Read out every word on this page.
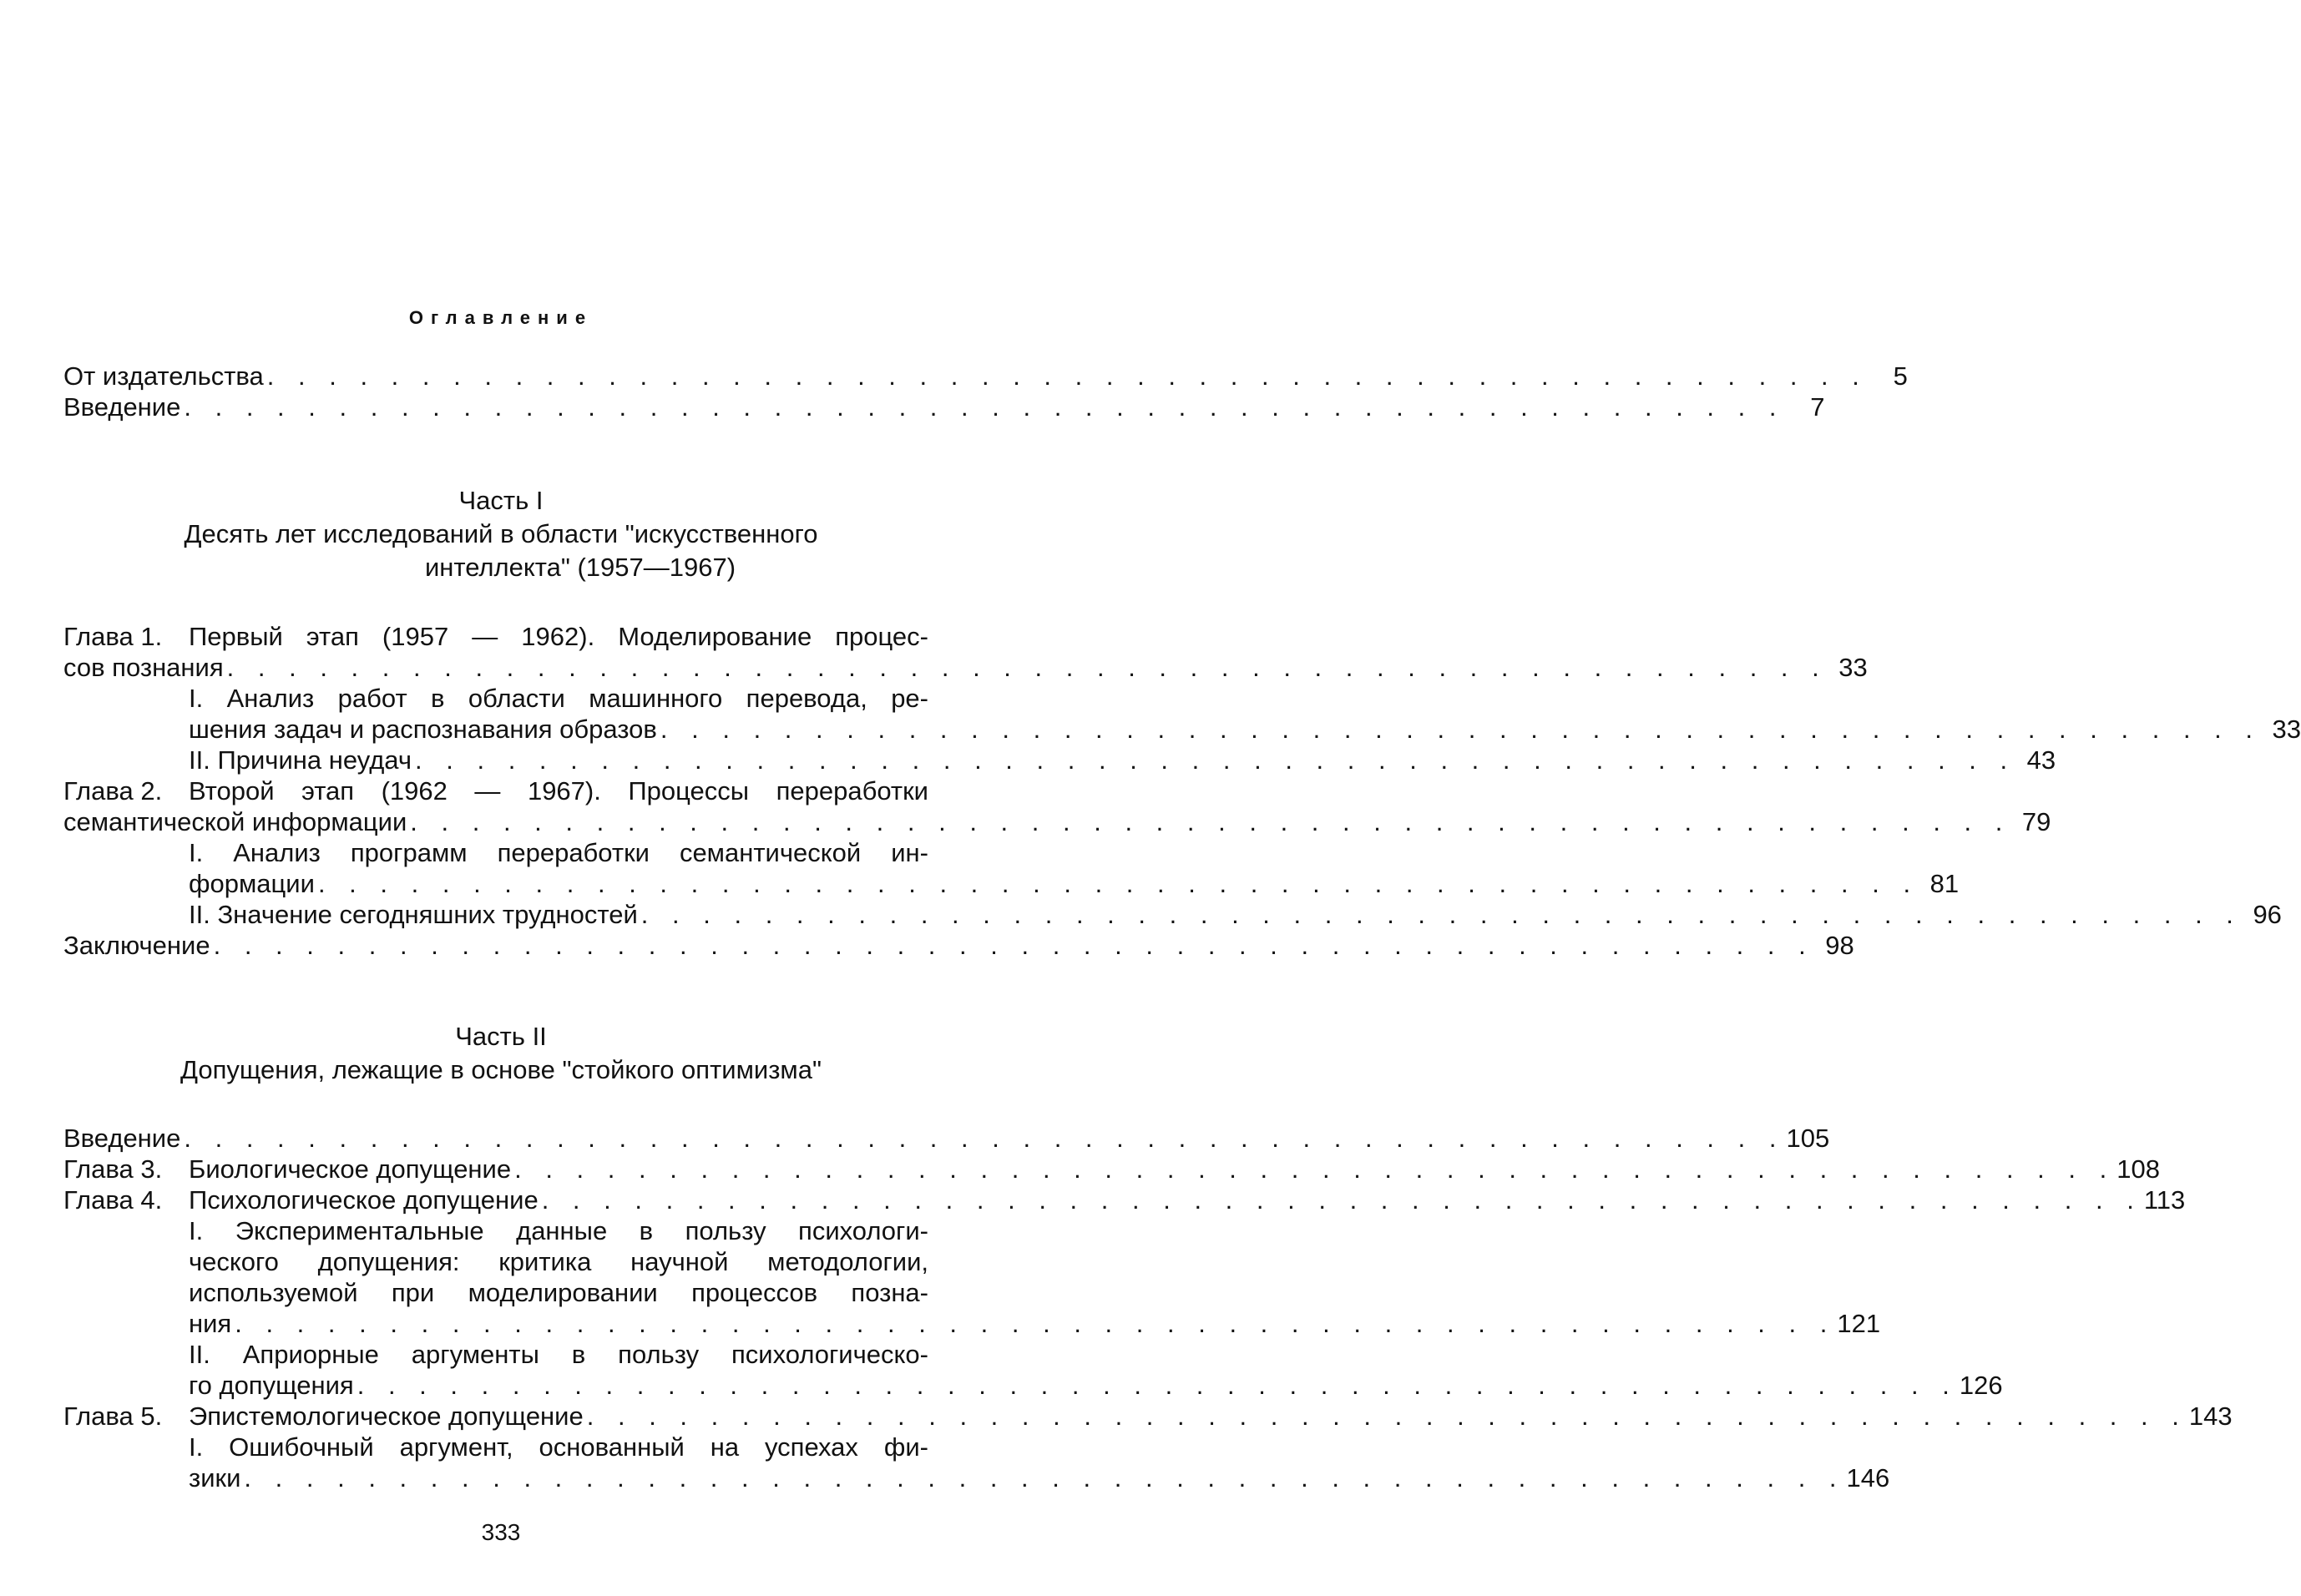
Оглавление
От издательства . . . . . . . . . . . . . . . . . . . . . . . . . . . . . . . . . . . . . . . . . . . . . . . . . . . . 5
Введение . . . . . . . . . . . . . . . . . . . . . . . . . . . . . . . . . . . . . . . . . . . . . . . . . . . . 7
Часть I
Десять лет исследований в области "искусственного
интеллекта" (1957—1967)
Глава 1. Первый этап (1957 — 1962). Моделирование процес-
сов познания . . . . . . . . . . . . . . . . . . . . . . . . . . . . . . . . . . . . . . . . . . . . . . . . . . . . 33
I. Анализ работ в области машинного перевода, ре-
шения задач и распознавания образов . . . . . . . . . . . . . . . . . . . . . . . . . . . . . . . . . . . . . . . . . . . . . . . . . . . . 33
II. Причина неудач . . . . . . . . . . . . . . . . . . . . . . . . . . . . . . . . . . . . . . . . . . . . . . . . . . . . 43
Глава 2. Второй этап (1962 — 1967). Процессы переработки
семантической информации . . . . . . . . . . . . . . . . . . . . . . . . . . . . . . . . . . . . . . . . . . . . . . . . . . . . 79
I. Анализ программ переработки семантической ин-
формации . . . . . . . . . . . . . . . . . . . . . . . . . . . . . . . . . . . . . . . . . . . . . . . . . . . . 81
II. Значение сегодняшних трудностей . . . . . . . . . . . . . . . . . . . . . . . . . . . . . . . . . . . . . . . . . . . . . . . . . . . . 96
Заключение . . . . . . . . . . . . . . . . . . . . . . . . . . . . . . . . . . . . . . . . . . . . . . . . . . . . 98
Часть II
Допущения, лежащие в основе "стойкого оптимизма"
Введение . . . . . . . . . . . . . . . . . . . . . . . . . . . . . . . . . . . . . . . . . . . . . . . . . . . . 105
Глава 3. Биологическое допущение . . . . . . . . . . . . . . . . . . . . . . . . . . . . . . . . . . . . . . . . . . . . . . . . . . . . 108
Глава 4. Психологическое допущение . . . . . . . . . . . . . . . . . . . . . . . . . . . . . . . . . . . . . . . . . . . . . . . . . . . . 113
I. Экспериментальные данные в пользу психологи-
ческого допущения: критика научной методологии,
используемой при моделировании процессов позна-
ния . . . . . . . . . . . . . . . . . . . . . . . . . . . . . . . . . . . . . . . . . . . . . . . . . . . . 121
II. Априорные аргументы в пользу психологическо-
го допущения . . . . . . . . . . . . . . . . . . . . . . . . . . . . . . . . . . . . . . . . . . . . . . . . . . . . 126
Глава 5. Эпистемологическое допущение . . . . . . . . . . . . . . . . . . . . . . . . . . . . . . . . . . . . . . . . . . . . . . . . . . . . 143
I. Ошибочный аргумент, основанный на успехах фи-
зики . . . . . . . . . . . . . . . . . . . . . . . . . . . . . . . . . . . . . . . . . . . . . . . . . . . . 146
333
